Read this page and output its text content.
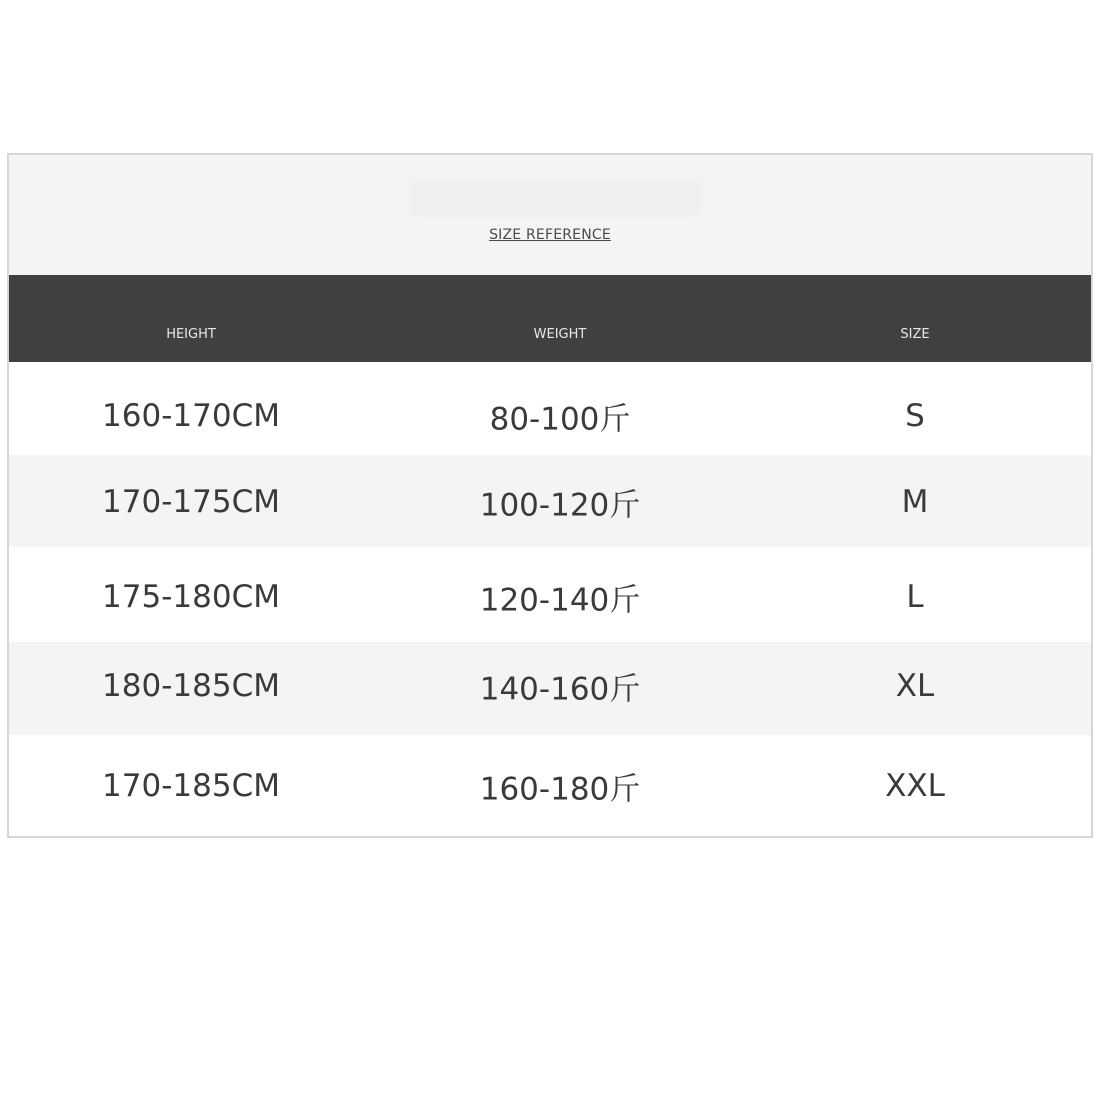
SIZE REFERENCE
HEIGHT	WEIGHT	SIZE
160-170CM	80-100斤	S
170-175CM	100-120斤	M
175-180CM	120-140斤	L
180-185CM	140-160斤	XL
170-185CM	160-180斤	XXL
